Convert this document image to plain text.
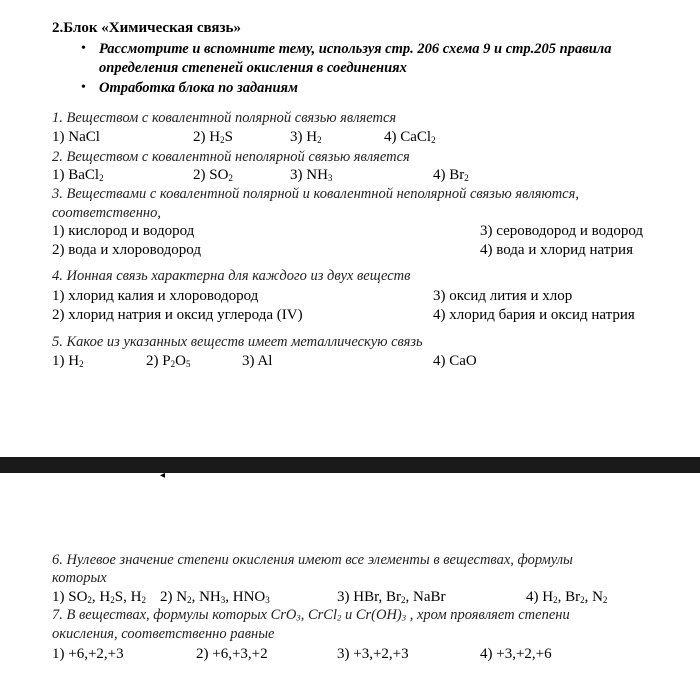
2.Блок «Химическая связь»
• Рассмотрите и вспомните тему, используя стр. 206 схема 9 и стр.205 правила
определения степеней окисления в соединениях
• Отработка блока по заданиям
1. Веществом с ковалентной полярной связью является
1) NaCl	2) $H_2S$	3) $H_2$	4) CaCl$_2$
2. Веществом с ковалентной неполярной связью является
1) BaCl$_2$	2) $SO_2$	3) $NH_3$	4) $Br_2$
3. Веществами с ковалентной полярной и ковалентной неполярной связью являются,
соответственно,
1) кислород и водород	3) сероводород и водород
2) вода и хлороводород	4) вода и хлорид натрия
4. Ионная связь характерна для каждого из двух веществ
1) хлорид калия и хлороводород	3) оксид лития и хлор
2) хлорид натрия и оксид углерода (IV)	4) хлорид бария и оксид натрия
5. Какое из указанных веществ имеет металлическую связь
1) $H_2$	2) $P_2O_5$	3) Al	4) CaO
◂
6. Нулевое значение степени окисления имеют все элементы в веществах, формулы
которых
1) $SO_2$, $H_2S$, $H_2$ 2) $N_2$, $NH_3$, $HNO_3$	3) HBr, $Br_2$, NaBr	4) $H_2$, $Br_2$, $N_2$
7. В веществах, формулы которых CrO$_3$, CrCl$_2$ и $Cr(OH)_3$ , хром проявляет степени
окисления, соответственно равные
1) +6,+2,+3	2) +6,+3,+2	3) +3,+2,+3	4) +3,+2,+6
